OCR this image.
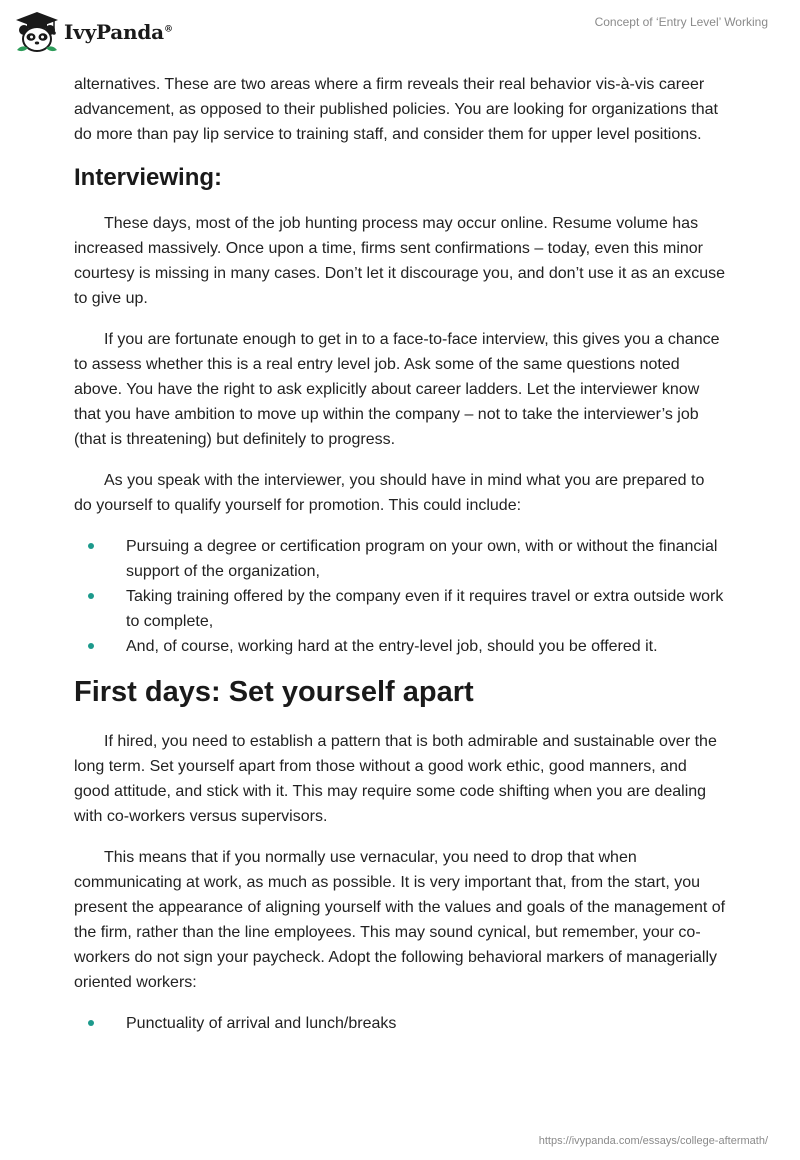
IvyPanda®
Concept of ‘Entry Level’ Working

alternatives. These are two areas where a firm reveals their real behavior vis-à-vis career advancement, as opposed to their published policies. You are looking for organizations that do more than pay lip service to training staff, and consider them for upper level positions.

Interviewing:

These days, most of the job hunting process may occur online. Resume volume has increased massively. Once upon a time, firms sent confirmations – today, even this minor courtesy is missing in many cases. Don’t let it discourage you, and don’t use it as an excuse to give up.

If you are fortunate enough to get in to a face-to-face interview, this gives you a chance to assess whether this is a real entry level job. Ask some of the same questions noted above. You have the right to ask explicitly about career ladders. Let the interviewer know that you have ambition to move up within the company – not to take the interviewer’s job (that is threatening) but definitely to progress.

As you speak with the interviewer, you should have in mind what you are prepared to do yourself to qualify yourself for promotion. This could include:

Pursuing a degree or certification program on your own, with or without the financial support of the organization,
Taking training offered by the company even if it requires travel or extra outside work to complete,
And, of course, working hard at the entry-level job, should you be offered it.
First days: Set yourself apart

If hired, you need to establish a pattern that is both admirable and sustainable over the long term. Set yourself apart from those without a good work ethic, good manners, and good attitude, and stick with it. This may require some code shifting when you are dealing with co-workers versus supervisors.

This means that if you normally use vernacular, you need to drop that when communicating at work, as much as possible. It is very important that, from the start, you present the appearance of aligning yourself with the values and goals of the management of the firm, rather than the line employees. This may sound cynical, but remember, your co-workers do not sign your paycheck. Adopt the following behavioral markers of managerially oriented workers:

Punctuality of arrival and lunch/breaks
https://ivypanda.com/essays/college-aftermath/
